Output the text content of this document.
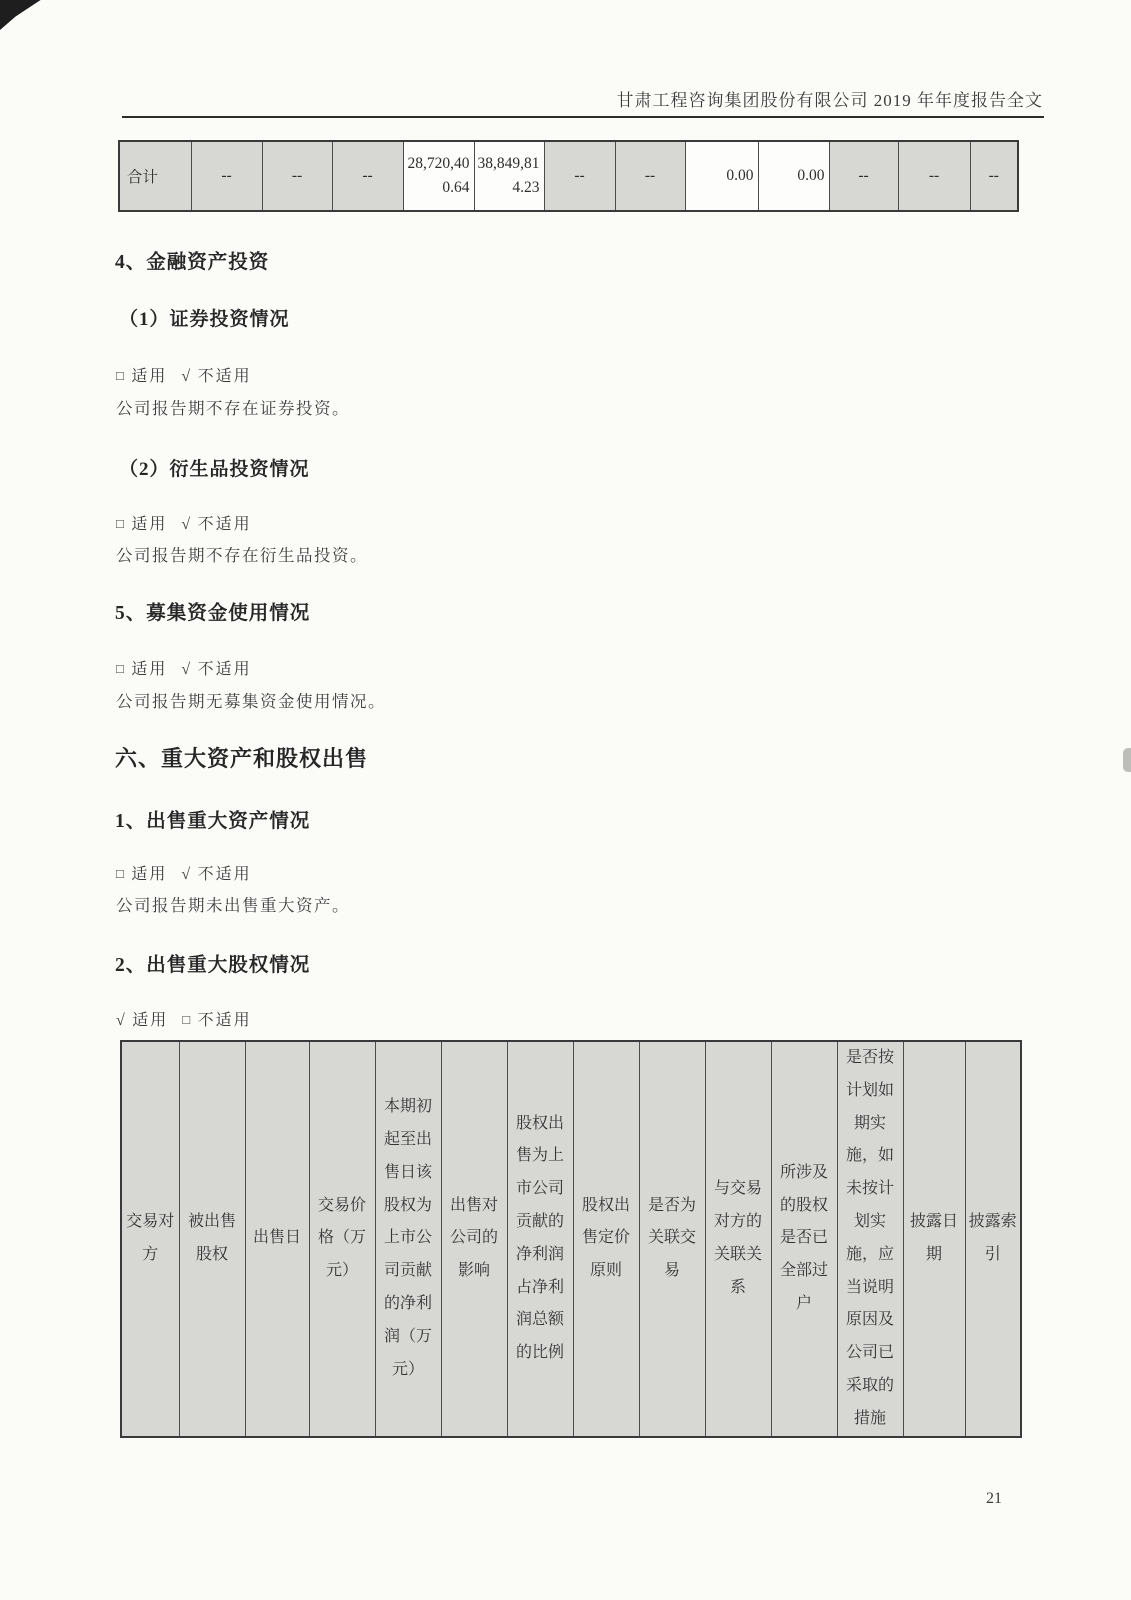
甘肃工程咨询集团股份有限公司 2019 年年度报告全文
合计	--	--	--	28,720,400.64	38,849,814.23	--	--	0.00	0.00	--	--	--
4、金融资产投资
（1）证券投资情况
□ 适用 √ 不适用
公司报告期不存在证券投资。
（2）衍生品投资情况
□ 适用 √ 不适用
公司报告期不存在衍生品投资。
5、募集资金使用情况
□ 适用 √ 不适用
公司报告期无募集资金使用情况。
六、重大资产和股权出售
1、出售重大资产情况
□ 适用 √ 不适用
公司报告期未出售重大资产。
2、出售重大股权情况
√ 适用 □ 不适用
交易对方	被出售股权	出售日	交易价格（万元）	本期初起至出售日该股权为上市公司贡献的净利润（万元）	出售对公司的影响	股权出售为上市公司贡献的净利润占净利润总额的比例	股权出售定价原则	是否为关联交易	与交易对方的关联关系	所涉及的股权是否已全部过户	是否按计划如期实施，如未按计划实施，应当说明原因及公司已采取的措施	披露日期	披露索引
21
